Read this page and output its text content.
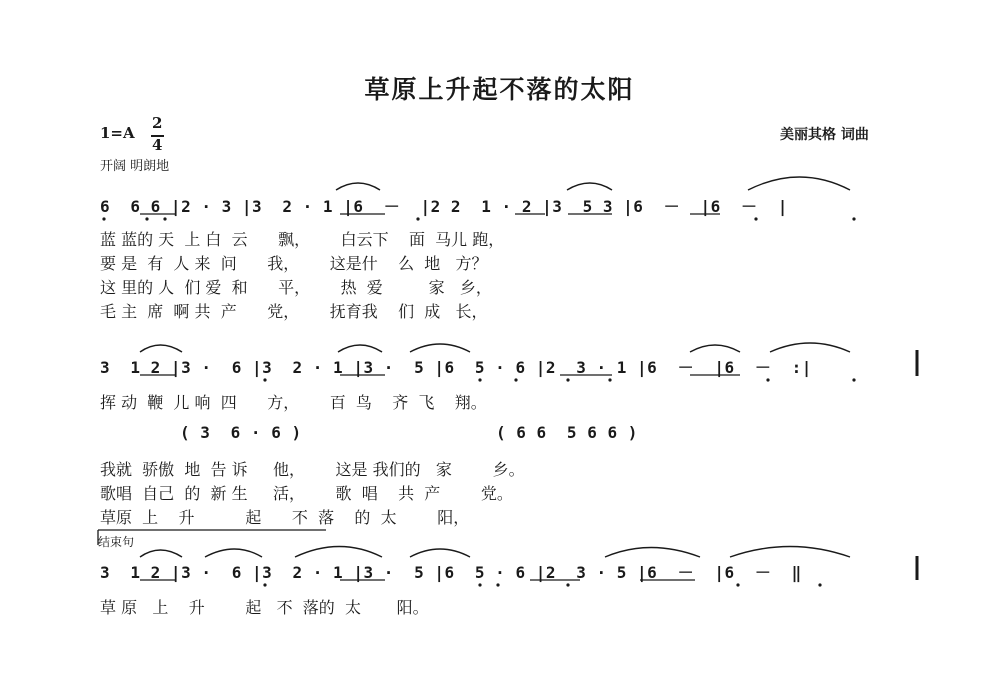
草原上升起不落的太阳
1=A
2
4
开阔 明朗地
美丽其格 词曲
6  6 6 |2 · 3 |3  2 · 1 |6  －  |2 2  1 · 2 |3  5 3 |6  －  |6  －  |
蓝 蓝的 天  上 白  云      飘，      白云下    面  马儿 跑，
要 是  有  人 来  问      我，      这是什    么  地   方？
这 里的 人  们 爱  和      平，      热  爱         家   乡，
毛 主  席  啊 共  产      党，      抚育我    们  成   长，
3  1 2 |3 ·  6 |3  2 · 1 |3 ·  5 |6  5 · 6 |2  3 · 1 |6  －  |6  －  :|
挥 动  鞭  儿 响  四      方，      百  鸟    齐  飞    翔。
( 3  6 · 6 )	( 6 6  5 6 6 )
我就  骄傲  地  告 诉     他，      这是 我们的   家        乡。
歌唱  自己  的  新 生     活，      歌  唱    共  产        党。
草原  上    升          起      不  落    的  太        阳，
结束句
3  1 2 |3 ·  6 |3  2 · 1 |3 ·  5 |6  5 · 6 |2  3 · 5 |6  －  |6  －  ‖
草 原   上    升        起   不  落的  太       阳。
